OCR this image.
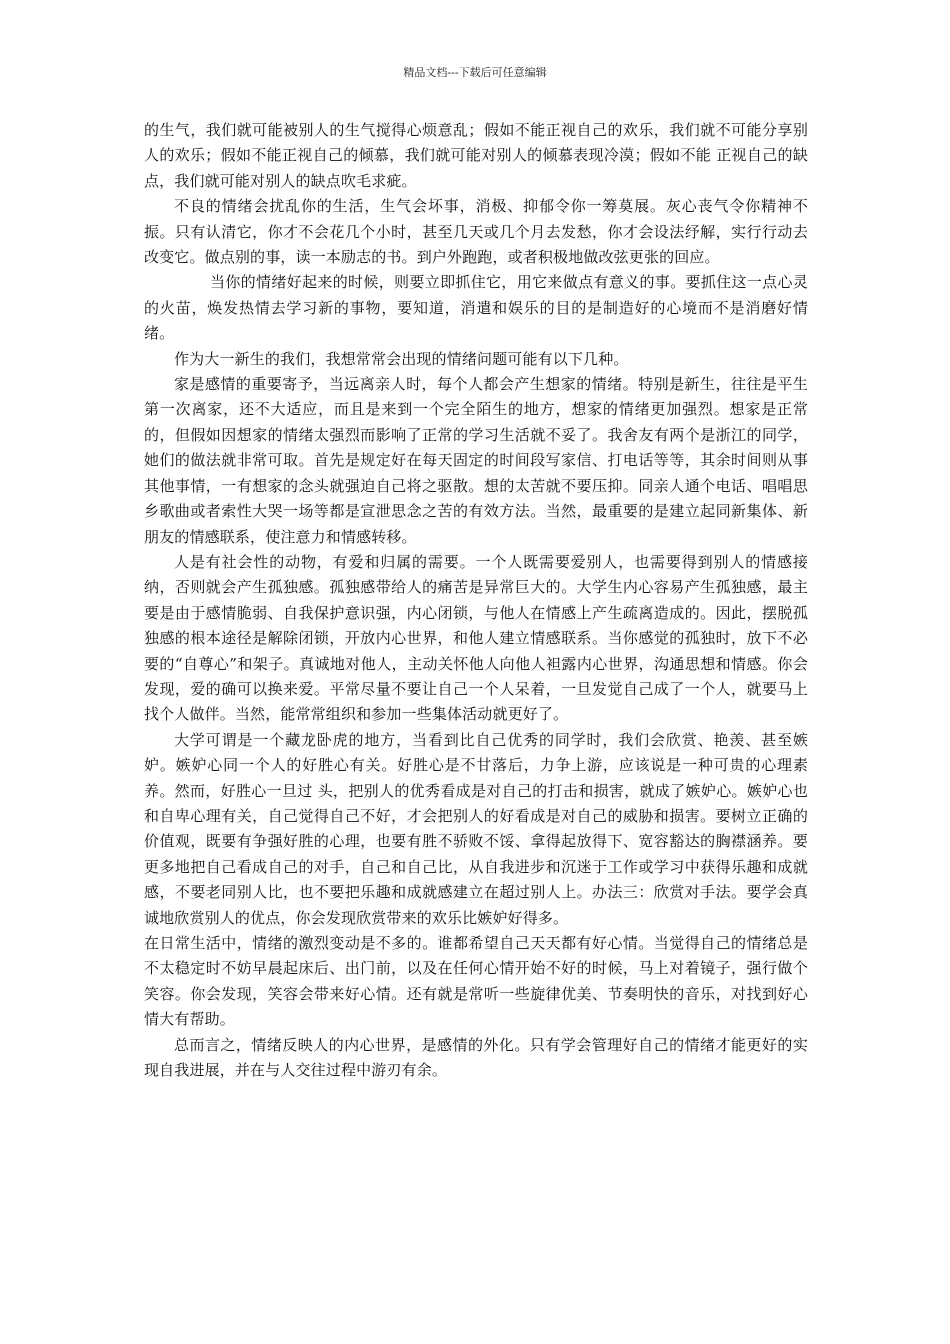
精品文档---下载后可任意编辑

的生气，我们就可能被别人的生气搅得心烦意乱；假如不能正视自己的欢乐，我们就不可能分享别人的欢乐；假如不能正视自己的倾慕，我们就可能对别人的倾慕表现冷漠；假如不能 正视自己的缺点，我们就可能对别人的缺点吹毛求疵。

不良的情绪会扰乱你的生活，生气会坏事，消极、抑郁令你一筹莫展。灰心丧气令你精神不振。只有认清它，你才不会花几个小时，甚至几天或几个月去发愁，你才会设法纾解，实行行动去改变它。做点别的事，读一本励志的书。到户外跑跑，或者积极地做改弦更张的回应。

当你的情绪好起来的时候，则要立即抓住它，用它来做点有意义的事。要抓住这一点心灵的火苗，焕发热情去学习新的事物，要知道，消遣和娱乐的目的是制造好的心境而不是消磨好情绪。

作为大一新生的我们，我想常常会出现的情绪问题可能有以下几种。

家是感情的重要寄予，当远离亲人时，每个人都会产生想家的情绪。特别是新生，往往是平生第一次离家，还不大适应，而且是来到一个完全陌生的地方，想家的情绪更加强烈。想家是正常的，但假如因想家的情绪太强烈而影响了正常的学习生活就不妥了。我舍友有两个是浙江的同学，她们的做法就非常可取。首先是规定好在每天固定的时间段写家信、打电话等等，其余时间则从事其他事情，一有想家的念头就强迫自己将之驱散。想的太苦就不要压抑。同亲人通个电话、唱唱思乡歌曲或者索性大哭一场等都是宣泄思念之苦的有效方法。当然，最重要的是建立起同新集体、新朋友的情感联系，使注意力和情感转移。

人是有社会性的动物，有爱和归属的需要。一个人既需要爱别人，也需要得到别人的情感接纳，否则就会产生孤独感。孤独感带给人的痛苦是异常巨大的。大学生内心容易产生孤独感，最主要是由于感情脆弱、自我保护意识强，内心闭锁，与他人在情感上产生疏离造成的。因此，摆脱孤独感的根本途径是解除闭锁，开放内心世界，和他人建立情感联系。当你感觉的孤独时，放下不必要的“自尊心”和架子。真诚地对他人，主动关怀他人向他人袒露内心世界，沟通思想和情感。你会发现，爱的确可以换来爱。平常尽量不要让自己一个人呆着，一旦发觉自己成了一个人，就要马上找个人做伴。当然，能常常组织和参加一些集体活动就更好了。

大学可谓是一个藏龙卧虎的地方，当看到比自己优秀的同学时，我们会欣赏、艳羡、甚至嫉妒。嫉妒心同一个人的好胜心有关。好胜心是不甘落后，力争上游，应该说是一种可贵的心理素养。然而，好胜心一旦过 头，把别人的优秀看成是对自己的打击和损害，就成了嫉妒心。嫉妒心也和自卑心理有关，自己觉得自己不好，才会把别人的好看成是对自己的威胁和损害。要树立正确的价值观，既要有争强好胜的心理，也要有胜不骄败不馁、拿得起放得下、宽容豁达的胸襟涵养。要更多地把自己看成自己的对手，自己和自己比，从自我进步和沉迷于工作或学习中获得乐趣和成就感，不要老同别人比，也不要把乐趣和成就感建立在超过别人上。办法三：欣赏对手法。要学会真诚地欣赏别人的优点，你会发现欣赏带来的欢乐比嫉妒好得多。

在日常生活中，情绪的激烈变动是不多的。谁都希望自己天天都有好心情。当觉得自己的情绪总是不太稳定时不妨早晨起床后、出门前，以及在任何心情开始不好的时候，马上对着镜子，强行做个笑容。你会发现，笑容会带来好心情。还有就是常听一些旋律优美、节奏明快的音乐，对找到好心情大有帮助。

总而言之，情绪反映人的内心世界，是感情的外化。只有学会管理好自己的情绪才能更好的实现自我进展，并在与人交往过程中游刃有余。
